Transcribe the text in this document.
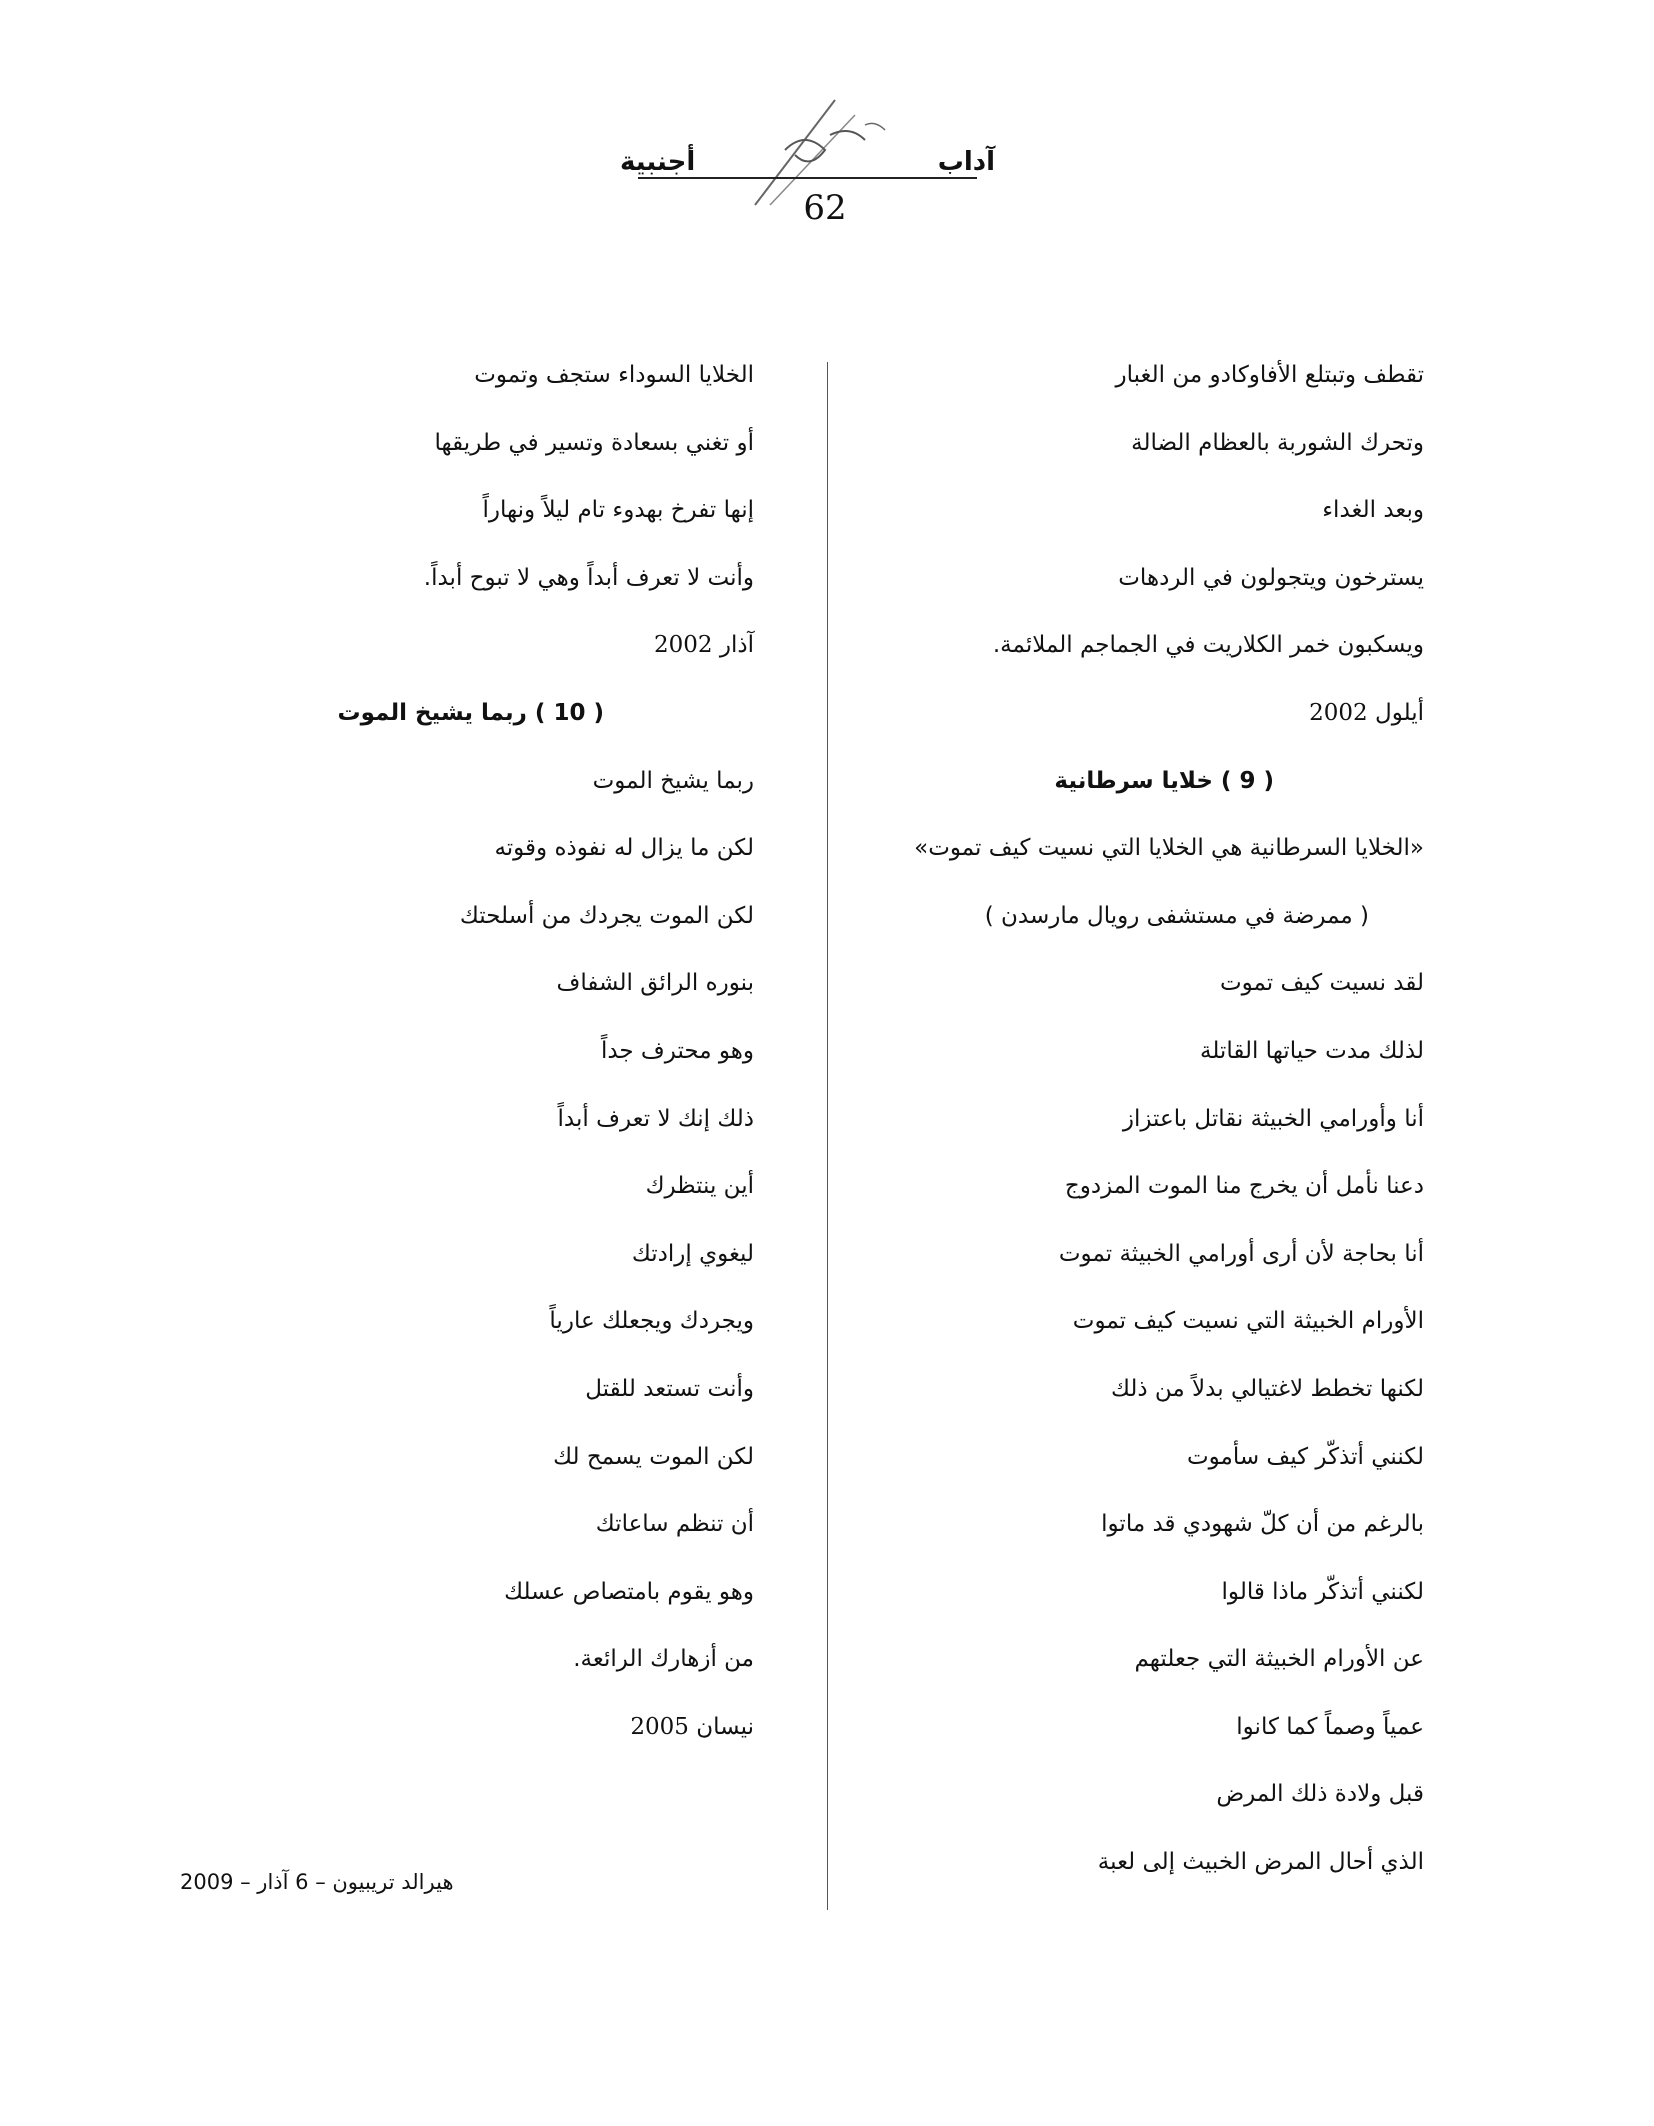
آداب
أجنبية
62
تقطف وتبتلع الأفاوكادو من الغبار
وتحرك الشوربة بالعظام الضالة
وبعد الغداء
يسترخون ويتجولون في الردهات
ويسكبون خمر الكلاريت في الجماجم الملائمة.
أيلول 2002
( 9 ) خلايا سرطانية
«الخلايا السرطانية هي الخلايا التي نسيت كيف تموت»
( ممرضة في مستشفى رويال مارسدن )
لقد نسيت كيف تموت
لذلك مدت حياتها القاتلة
أنا وأورامي الخبيثة نقاتل باعتزاز
دعنا نأمل أن يخرج منا الموت المزدوج
أنا بحاجة لأن أرى أورامي الخبيثة تموت
الأورام الخبيثة التي نسيت كيف تموت
لكنها تخطط لاغتيالي بدلاً من ذلك
لكنني أتذكّر كيف سأموت
بالرغم من أن كلّ شهودي قد ماتوا
لكنني أتذكّر ماذا قالوا
عن الأورام الخبيثة التي جعلتهم
عمياً وصماً كما كانوا
قبل ولادة ذلك المرض
الذي أحال المرض الخبيث إلى لعبة
الخلايا السوداء ستجف وتموت
أو تغني بسعادة وتسير في طريقها
إنها تفرخ بهدوء تام ليلاً ونهاراً
وأنت لا تعرف أبداً وهي لا تبوح أبداً.
آذار 2002
( 10 ) ربما يشيخ الموت
ربما يشيخ الموت
لكن ما يزال له نفوذه وقوته
لكن الموت يجردك من أسلحتك
بنوره الرائق الشفاف
وهو محترف جداً
ذلك إنك لا تعرف أبداً
أين ينتظرك
ليغوي إرادتك
ويجردك ويجعلك عارياً
وأنت تستعد للقتل
لكن الموت يسمح لك
أن تنظم ساعاتك
وهو يقوم بامتصاص عسلك
من أزهارك الرائعة.
نيسان 2005
هيرالد تريبيون – 6 آذار – 2009
